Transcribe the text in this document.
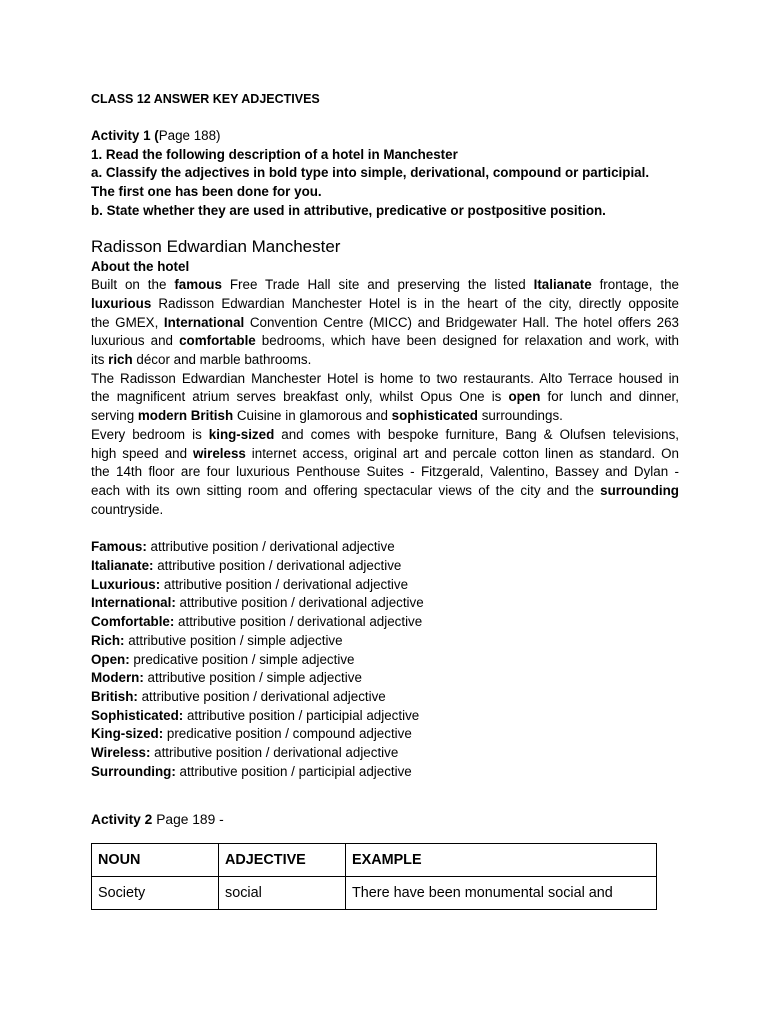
CLASS 12 ANSWER KEY ADJECTIVES
Activity 1 (Page 188)
1. Read the following description of a hotel in Manchester
a. Classify the adjectives in bold type into simple, derivational, compound or participial.
The first one has been done for you.
b. State whether they are used in attributive, predicative or postpositive position.
Radisson Edwardian Manchester
About the hotel
Built on the famous Free Trade Hall site and preserving the listed Italianate frontage, the
luxurious Radisson Edwardian Manchester Hotel is in the heart of the city, directly opposite
the GMEX, International Convention Centre (MICC) and Bridgewater Hall. The hotel offers 263
luxurious and comfortable bedrooms, which have been designed for relaxation and work, with
its rich décor and marble bathrooms.
The Radisson Edwardian Manchester Hotel is home to two restaurants. Alto Terrace housed in
the magnificent atrium serves breakfast only, whilst Opus One is open for lunch and dinner,
serving modern British Cuisine in glamorous and sophisticated surroundings.
Every bedroom is king-sized and comes with bespoke furniture, Bang & Olufsen televisions,
high speed and wireless internet access, original art and percale cotton linen as standard. On
the 14th floor are four luxurious Penthouse Suites - Fitzgerald, Valentino, Bassey and Dylan -
each with its own sitting room and offering spectacular views of the city and the surrounding
countryside.
Famous: attributive position / derivational adjective
Italianate: attributive position / derivational adjective
Luxurious: attributive position / derivational adjective
International: attributive position / derivational adjective
Comfortable: attributive position / derivational adjective
Rich: attributive position / simple adjective
Open: predicative position / simple adjective
Modern: attributive position / simple adjective
British: attributive position / derivational adjective
Sophisticated: attributive position / participial adjective
King-sized: predicative position / compound adjective
Wireless: attributive position / derivational adjective
Surrounding: attributive position / participial adjective
Activity 2 Page 189 -
NOUN	ADJECTIVE	EXAMPLE
Society	social	There have been monumental social and
